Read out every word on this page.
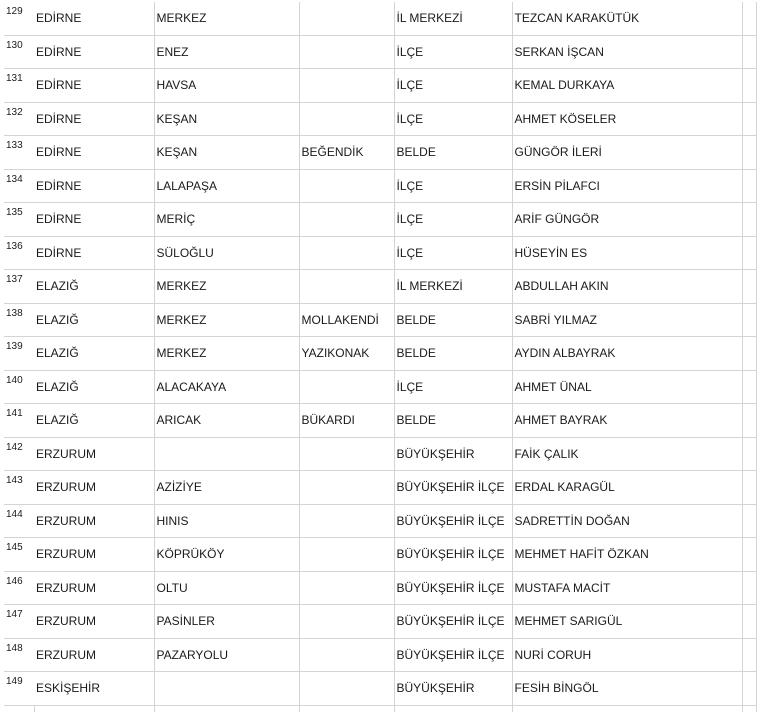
129	EDİRNE	MERKEZ		İL MERKEZİ	TEZCAN KARAKÜTÜK	
130	EDİRNE	ENEZ		İLÇE	SERKAN İŞCAN	
131	EDİRNE	HAVSA		İLÇE	KEMAL DURKAYA	
132	EDİRNE	KEŞAN		İLÇE	AHMET KÖSELER	
133	EDİRNE	KEŞAN	BEĞENDİK	BELDE	GÜNGÖR İLERİ	
134	EDİRNE	LALAPAŞA		İLÇE	ERSİN PİLAFCI	
135	EDİRNE	MERİÇ		İLÇE	ARİF GÜNGÖR	
136	EDİRNE	SÜLOĞLU		İLÇE	HÜSEYİN ES	
137	ELAZIĞ	MERKEZ		İL MERKEZİ	ABDULLAH AKIN	
138	ELAZIĞ	MERKEZ	MOLLAKENDİ	BELDE	SABRİ YILMAZ	
139	ELAZIĞ	MERKEZ	YAZIKONAK	BELDE	AYDIN ALBAYRAK	
140	ELAZIĞ	ALACAKAYA		İLÇE	AHMET ÜNAL	
141	ELAZIĞ	ARICAK	BÜKARDI	BELDE	AHMET BAYRAK	
142	ERZURUM			BÜYÜKŞEHİR	FAİK ÇALIK	
143	ERZURUM	AZİZİYE		BÜYÜKŞEHİR İLÇE	ERDAL KARAGÜL	
144	ERZURUM	HINIS		BÜYÜKŞEHİR İLÇE	SADRETTİN DOĞAN	
145	ERZURUM	KÖPRÜKÖY		BÜYÜKŞEHİR İLÇE	MEHMET HAFİT ÖZKAN	
146	ERZURUM	OLTU		BÜYÜKŞEHİR İLÇE	MUSTAFA MACİT	
147	ERZURUM	PASİNLER		BÜYÜKŞEHİR İLÇE	MEHMET SARIGÜL	
148	ERZURUM	PAZARYOLU		BÜYÜKŞEHİR İLÇE	NURİ CORUH	
149	ESKİŞEHİR			BÜYÜKŞEHİR	FESİH BİNGÖL	
